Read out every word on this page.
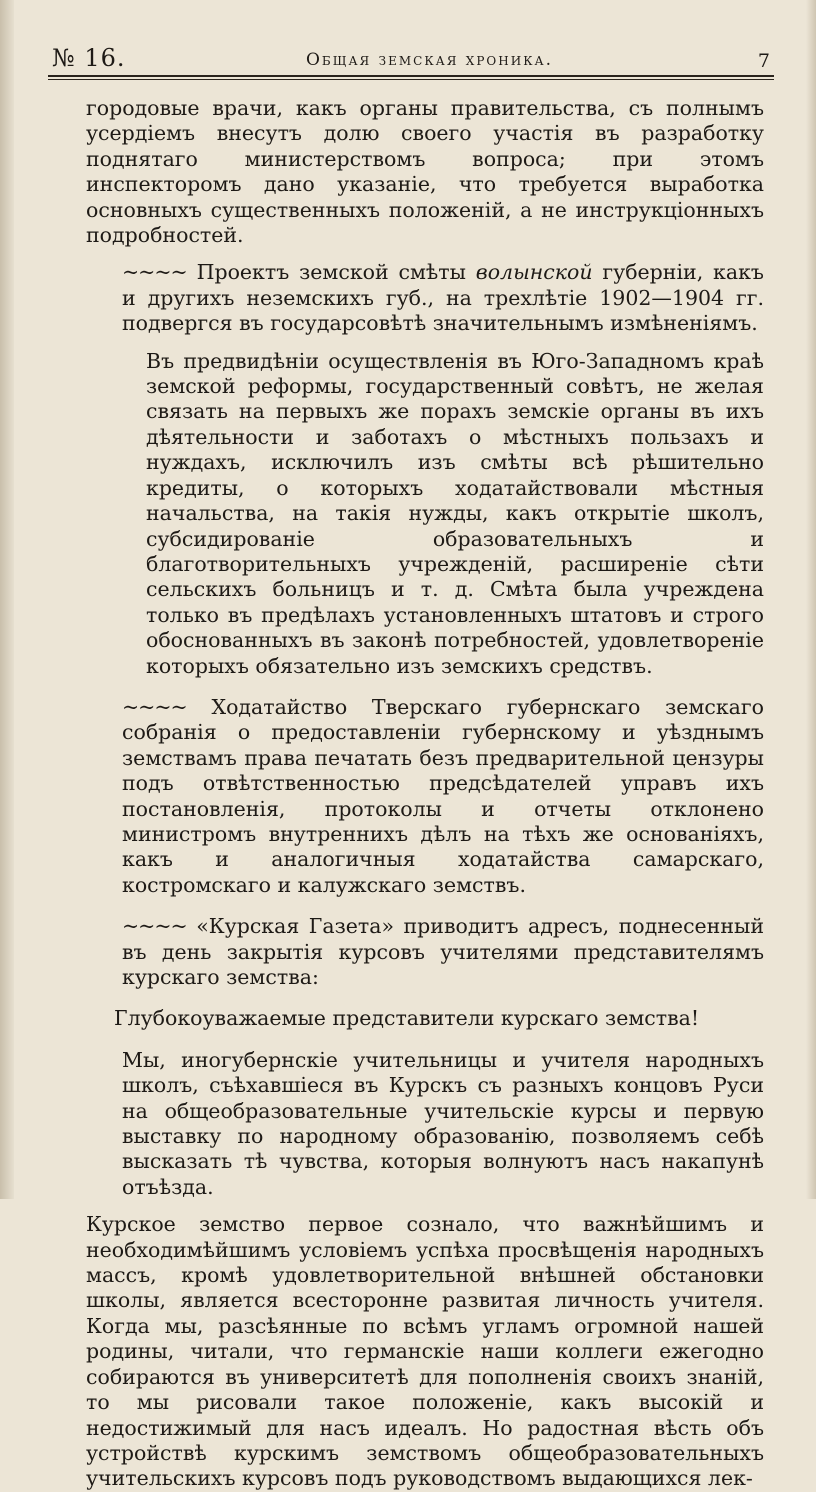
№ 16.	Общая земская хроника.	7

городовые врачи, какъ органы правительства, съ полнымъ усердіемъ внесутъ долю своего участія въ разработку поднятаго министерствомъ вопроса; при этомъ инспекторомъ дано указаніе, что требуется выработка основныхъ существенныхъ положеній, а не инструкціонныхъ подробностей.

~~~~ Проектъ земской смѣты волынской губерніи, какъ и другихъ неземскихъ губ., на трехлѣтіе 1902—1904 гг. подвергся въ государсовѣтѣ значительнымъ измѣненіямъ.

Въ предвидѣніи осуществленія въ Юго-Западномъ краѣ земской реформы, государственный совѣтъ, не желая связать на первыхъ же порахъ земскіе органы въ ихъ дѣятельности и заботахъ о мѣстныхъ пользахъ и нуждахъ, исключилъ изъ смѣты всѣ рѣшительно кредиты, о которыхъ ходатайствовали мѣстныя начальства, на такія нужды, какъ открытіе школъ, субсидированіе образовательныхъ и благотворительныхъ учрежденій, расширеніе сѣти сельскихъ больницъ и т. д. Смѣта была учреждена только въ предѣлахъ установленныхъ штатовъ и строго обоснованныхъ въ законѣ потребностей, удовлетвореніе которыхъ обязательно изъ земскихъ средствъ.

~~~~ Ходатайство Тверскаго губернскаго земскаго собранія о предоставленіи губернскому и уѣзднымъ земствамъ права печатать безъ предварительной цензуры подъ отвѣтственностью предсѣдателей управъ ихъ постановленія, протоколы и отчеты отклонено министромъ внутреннихъ дѣлъ на тѣхъ же основаніяхъ, какъ и аналогичныя ходатайства самарскаго, костромскаго и калужскаго земствъ.

~~~~ «Курская Газета» приводитъ адресъ, поднесенный въ день закрытія курсовъ учителями представителямъ курскаго земства:

Глубокоуважаемые представители курскаго земства!

Мы, иногубернскіе учительницы и учителя народныхъ школъ, съѣхавшіеся въ Курскъ съ разныхъ концовъ Руси на общеобразовательные учительскіе курсы и первую выставку по народному образованію, позволяемъ себѣ высказать тѣ чувства, которыя волнуютъ насъ накапунѣ отъѣзда.

Курское земство первое сознало, что важнѣйшимъ и необходимѣйшимъ условіемъ успѣха просвѣщенія народныхъ массъ, кромѣ удовлетворительной внѣшней обстановки школы, является всесторонне развитая личность учителя. Когда мы, разсѣянные по всѣмъ угламъ огромной нашей родины, читали, что германскіе наши коллеги ежегодно собираются въ университетѣ для пополненія своихъ знаній, то мы рисовали такое положеніе, какъ высокій и недостижимый для насъ идеалъ. Но радостная вѣсть объ устройствѣ курскимъ земствомъ общеобразовательныхъ учительскихъ курсовъ подъ руководствомъ выдающихся лек-
